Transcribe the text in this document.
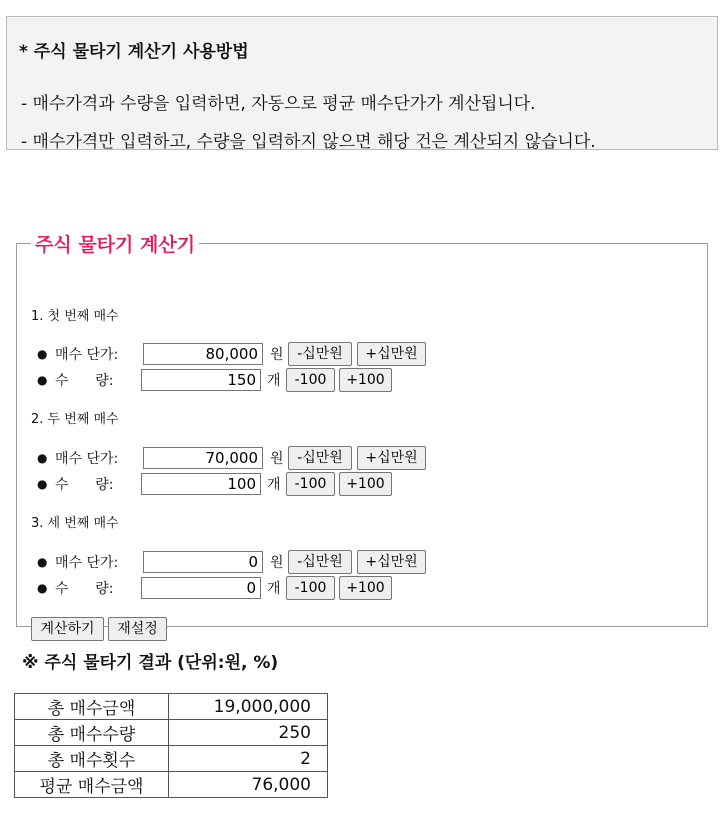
* 주식 물타기 계산기 사용방법
- 매수가격과 수량을 입력하면, 자동으로 평균 매수단가가 계산됩니다.
- 매수가격만 입력하고, 수량을 입력하지 않으면 해당 건은 계산되지 않습니다.
주식 물타기 계산기
1. 첫 번째 매수
● 매수 단가:
80,000	원 -십만원	+십만원
● 수      량:
150	개	-100	+100
2. 두 번째 매수
● 매수 단가:
70,000	원 -십만원	+십만원
● 수      량:
100	개	-100	+100
3. 세 번째 매수
● 매수 단가:
0	원 -십만원	+십만원
● 수      량:
0	개	-100	+100
계산하기	재설정
※ 주식 물타기 결과 (단위:원, %)
총 매수금액	19,000,000
총 매수수량	250
총 매수횟수	2
평균 매수금액	76,000
